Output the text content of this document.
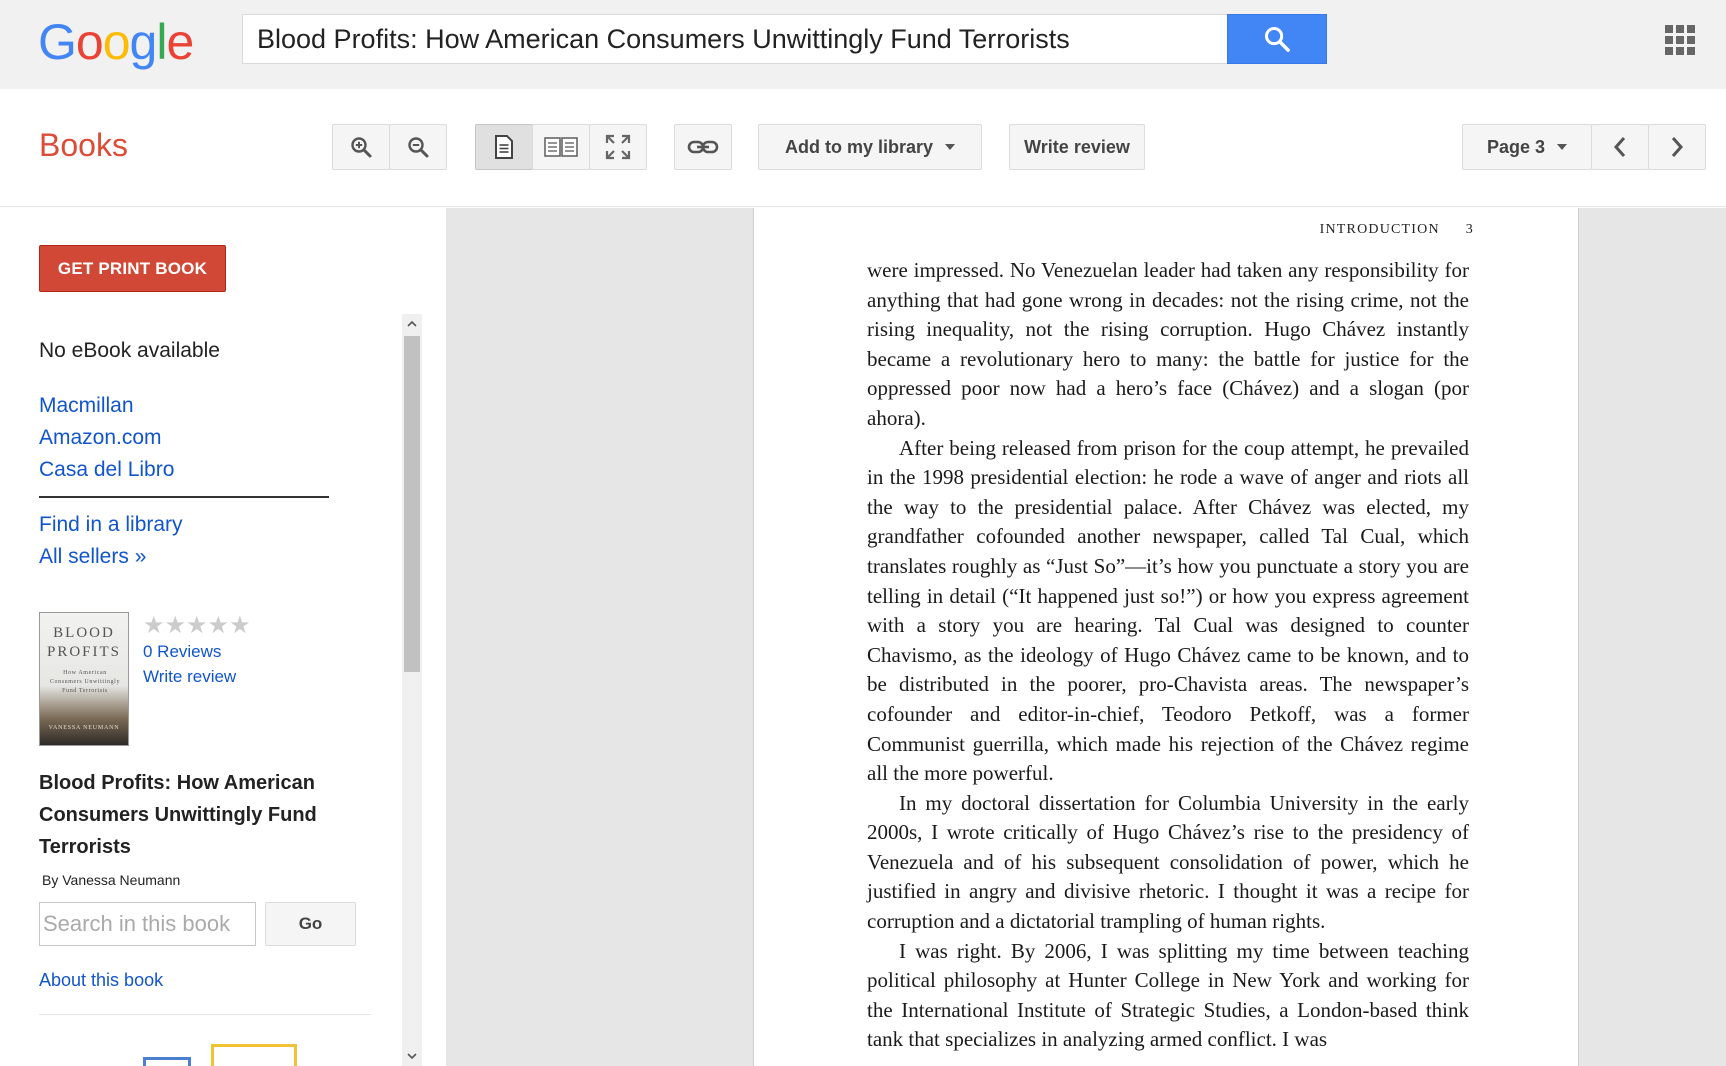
Google
Blood Profits: How American Consumers Unwittingly Fund Terrorists
Books	Add to my library	Write review	Page 3
GET PRINT BOOK
No eBook available
Macmillan
Amazon.com
Casa del Libro
Find in a library
All sellers »
BLOOD
PROFITS
How American Consumers Unwittingly Fund Terrorists
VANESSA NEUMANN
★★★★★
0 Reviews
Write review
Blood Profits: How American Consumers Unwittingly Fund Terrorists
By Vanessa Neumann
Search in this book
Go
About this book
INTRODUCTION 3

were impressed. No Venezuelan leader had taken any responsibility for anything that had gone wrong in decades: not the rising crime, not the rising inequality, not the rising corruption. Hugo Chávez instantly became a revolutionary hero to many: the battle for justice for the oppressed poor now had a hero’s face (Chávez) and a slogan (por ahora).

After being released from prison for the coup attempt, he prevailed in the 1998 presidential election: he rode a wave of anger and riots all the way to the presidential palace. After Chávez was elected, my grandfather cofounded another newspaper, called Tal Cual, which translates roughly as “Just So”—it’s how you punctuate a story you are telling in detail (“It happened just so!”) or how you express agreement with a story you are hearing. Tal Cual was designed to counter Chavismo, as the ideology of Hugo Chávez came to be known, and to be distributed in the poorer, pro-Chavista areas. The newspaper’s cofounder and editor-in-chief, Teodoro Petkoff, was a former Communist guerrilla, which made his rejection of the Chávez regime all the more powerful.

In my doctoral dissertation for Columbia University in the early 2000s, I wrote critically of Hugo Chávez’s rise to the presidency of Venezuela and of his subsequent consolidation of power, which he justified in angry and divisive rhetoric. I thought it was a recipe for corruption and a dictatorial trampling of human rights.

I was right. By 2006, I was splitting my time between teaching political philosophy at Hunter College in New York and working for the International Institute of Strategic Studies, a London-based think tank that specializes in analyzing armed conflict. I was
